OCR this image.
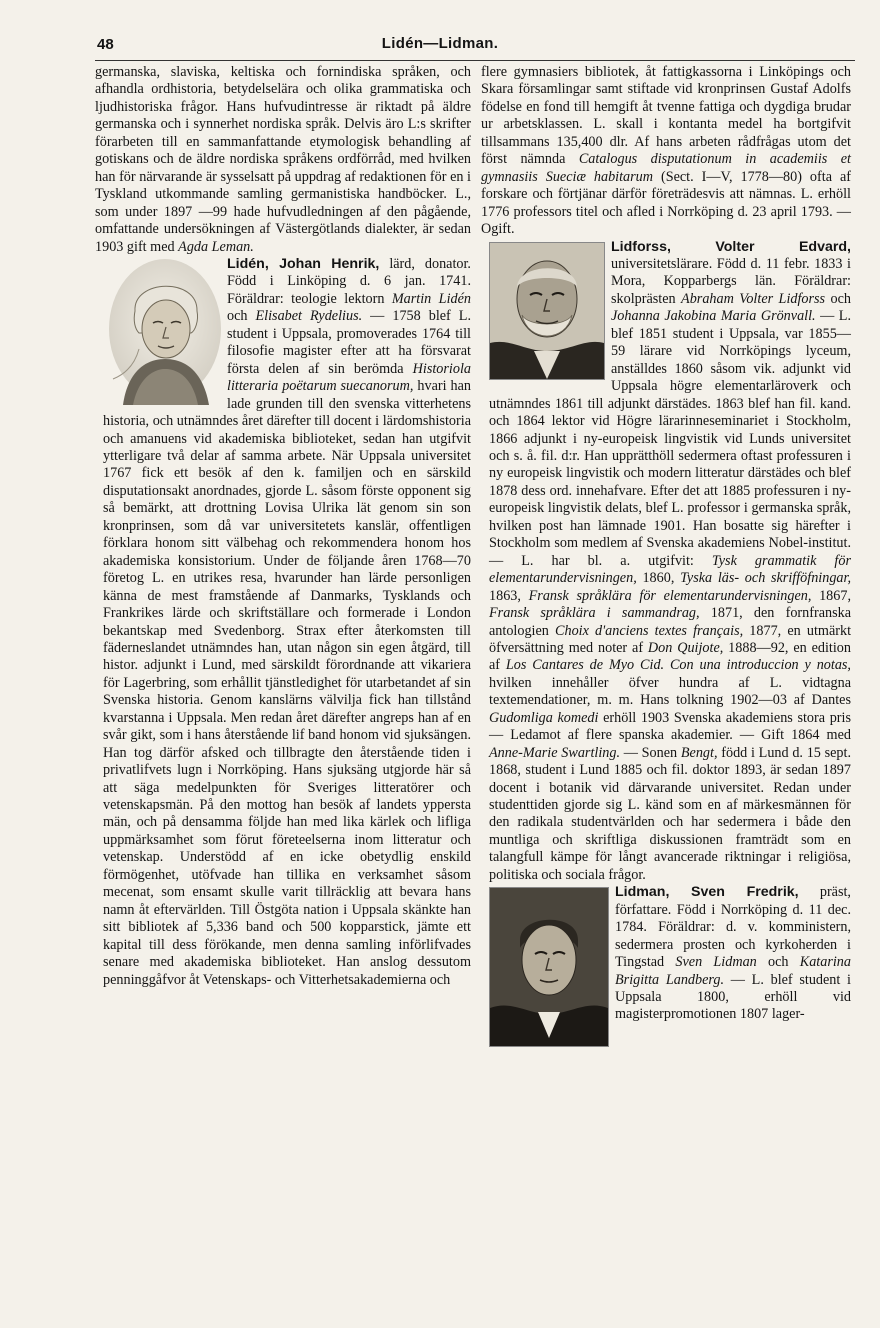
48	Lidén—Lidman.

germanska, slaviska, keltiska och fornindiska språken, och afhandla ordhistoria, betydelselära och olika grammatiska och ljudhistoriska frågor. Hans hufvudintresse är riktadt på äldre germanska och i synnerhet nordiska språk. Delvis äro L:s skrifter förarbeten till en sammanfattande etymologisk behandling af gotiskans och de äldre nordiska språkens ordförråd, med hvilken han för närvarande är sysselsatt på uppdrag af redaktionen för en i Tyskland utkommande samling germanistiska handböcker. L., som under 1897 —99 hade hufvudledningen af den pågående, omfattande undersökningen af Västergötlands dialekter, är sedan 1903 gift med Agda Leman.

Lidén, Johan Henrik,
lärd, donator. Född i Linköping d. 6 jan. 1741. Föräldrar: teologie lektorn Martin Lidén och Elisabet Rydelius. — 1758 blef L. student i Uppsala, promoverades 1764 till filosofie magister efter att ha försvarat första delen af sin berömda Historiola litteraria poëtarum suecanorum, hvari han lade grunden till den svenska vitterhetens historia, och utnämndes året därefter till docent i lärdomshistoria och amanuens vid akademiska biblioteket, sedan han utgifvit ytterligare två delar af samma arbete. När Uppsala universitet 1767 fick ett besök af den k. familjen och en särskild disputationsakt anordnades, gjorde L. såsom förste opponent sig så bemärkt, att drottning Lovisa Ulrika lät genom sin son kronprinsen, som då var universitetets kanslär, offentligen förklara honom sitt välbehag och rekommendera honom hos akademiska konsistorium. Under de följande åren 1768—70 företog L. en utrikes resa, hvarunder han lärde personligen känna de mest framstående af Danmarks, Tysklands och Frankrikes lärde och skriftställare och formerade i London bekantskap med Svedenborg. Strax efter återkomsten till fäderneslandet utnämndes han, utan någon sin egen åtgärd, till histor. adjunkt i Lund, med särskildt förordnande att vikariera för Lagerbring, som erhållit tjänstledighet för utarbetandet af sin Svenska historia. Genom kanslärns välvilja fick han tillstånd kvarstanna i Uppsala. Men redan året därefter angreps han af en svår gikt, som i hans återstående lif band honom vid sjuksängen. Han tog därför afsked och tillbragte den återstående tiden i privatlifvets lugn i Norrköping. Hans sjuksäng utgjorde här så att säga medelpunkten för Sveriges litteratörer och vetenskapsmän. På den mottog han besök af landets yppersta män, och på densamma följde han med lika kärlek och lifliga uppmärksamhet som förut företeelserna inom litteratur och vetenskap. Understödd af en icke obetydlig enskild förmögenhet, utöfvade han tillika en verksamhet såsom mecenat, som ensamt skulle varit tillräcklig att bevara hans namn åt eftervärlden. Till Östgöta nation i Uppsala skänkte han sitt bibliotek af 5,336 band och 500 kopparstick, jämte ett kapital till dess förökande, men denna samling införlifvades senare med akademiska biblioteket. Han anslog dessutom penninggåfvor åt Vetenskaps- och Vitterhetsakademierna och

flere gymnasiers bibliotek, åt fattigkassorna i Linköpings och Skara församlingar samt stiftade vid kronprinsen Gustaf Adolfs födelse en fond till hemgift åt tvenne fattiga och dygdiga brudar ur arbetsklassen. L. skall i kontanta medel ha bortgifvit tillsammans 135,400 dlr. Af hans arbeten rådfrågas utom det först nämnda Catalogus disputationum in academiis et gymnasiis Sueciæ habitarum (Sect. I—V, 1778—80) ofta af forskare och förtjänar därför företrädesvis att nämnas. L. erhöll 1776 professors titel och afled i Norrköping d. 23 april 1793. — Ogift.

Lidforss, Volter Edvard,
universitetslärare. Född d. 11 febr. 1833 i Mora, Kopparbergs län. Föräldrar: skolprästen Abraham Volter Lidforss och Johanna Jakobina Maria Grönvall. — L. blef 1851 student i Uppsala, var 1855—59 lärare vid Norrköpings lyceum, anställdes 1860 såsom vik. adjunkt vid Uppsala högre elementarläroverk och utnämndes 1861 till adjunkt därstädes. 1863 blef han fil. kand. och 1864 lektor vid Högre lärarinneseminariet i Stockholm, 1866 adjunkt i ny-europeisk lingvistik vid Lunds universitet och s. å. fil. d:r. Han upprätthöll sedermera oftast professuren i ny europeisk lingvistik och modern litteratur därstädes och blef 1878 dess ord. innehafvare. Efter det att 1885 professuren i ny-europeisk lingvistik delats, blef L. professor i germanska språk, hvilken post han lämnade 1901. Han bosatte sig härefter i Stockholm som medlem af Svenska akademiens Nobel-institut. — L. har bl. a. utgifvit: Tysk grammatik för elementarundervisningen, 1860, Tyska läs- och skrifföfningar, 1863, Fransk språklära för elementarundervisningen, 1867, Fransk språklära i sammandrag, 1871, den fornfranska antologien Choix d'anciens textes français, 1877, en utmärkt öfversättning med noter af Don Quijote, 1888—92, en edition af Los Cantares de Myo Cid. Con una introduccion y notas, hvilken innehåller öfver hundra af L. vidtagna textemendationer, m. m. Hans tolkning 1902—03 af Dantes Gudomliga komedi erhöll 1903 Svenska akademiens stora pris — Ledamot af flere spanska akademier. — Gift 1864 med Anne-Marie Swartling. — Sonen Bengt, född i Lund d. 15 sept. 1868, student i Lund 1885 och fil. doktor 1893, är sedan 1897 docent i botanik vid därvarande universitet. Redan under studenttiden gjorde sig L. känd som en af märkesmännen för den radikala studentvärlden och har sedermera i både den muntliga och skriftliga diskussionen framträdt som en talangfull kämpe för långt avancerade riktningar i religiösa, politiska och sociala frågor.

Lidman, Sven Fredrik,
präst, författare. Född i Norrköping d. 11 dec. 1784. Föräldrar: d. v. komministern, sedermera prosten och kyrkoherden i Tingstad Sven Lidman och Katarina Brigitta Landberg. — L. blef student i Uppsala 1800, erhöll vid magisterpromotionen 1807 lager-
